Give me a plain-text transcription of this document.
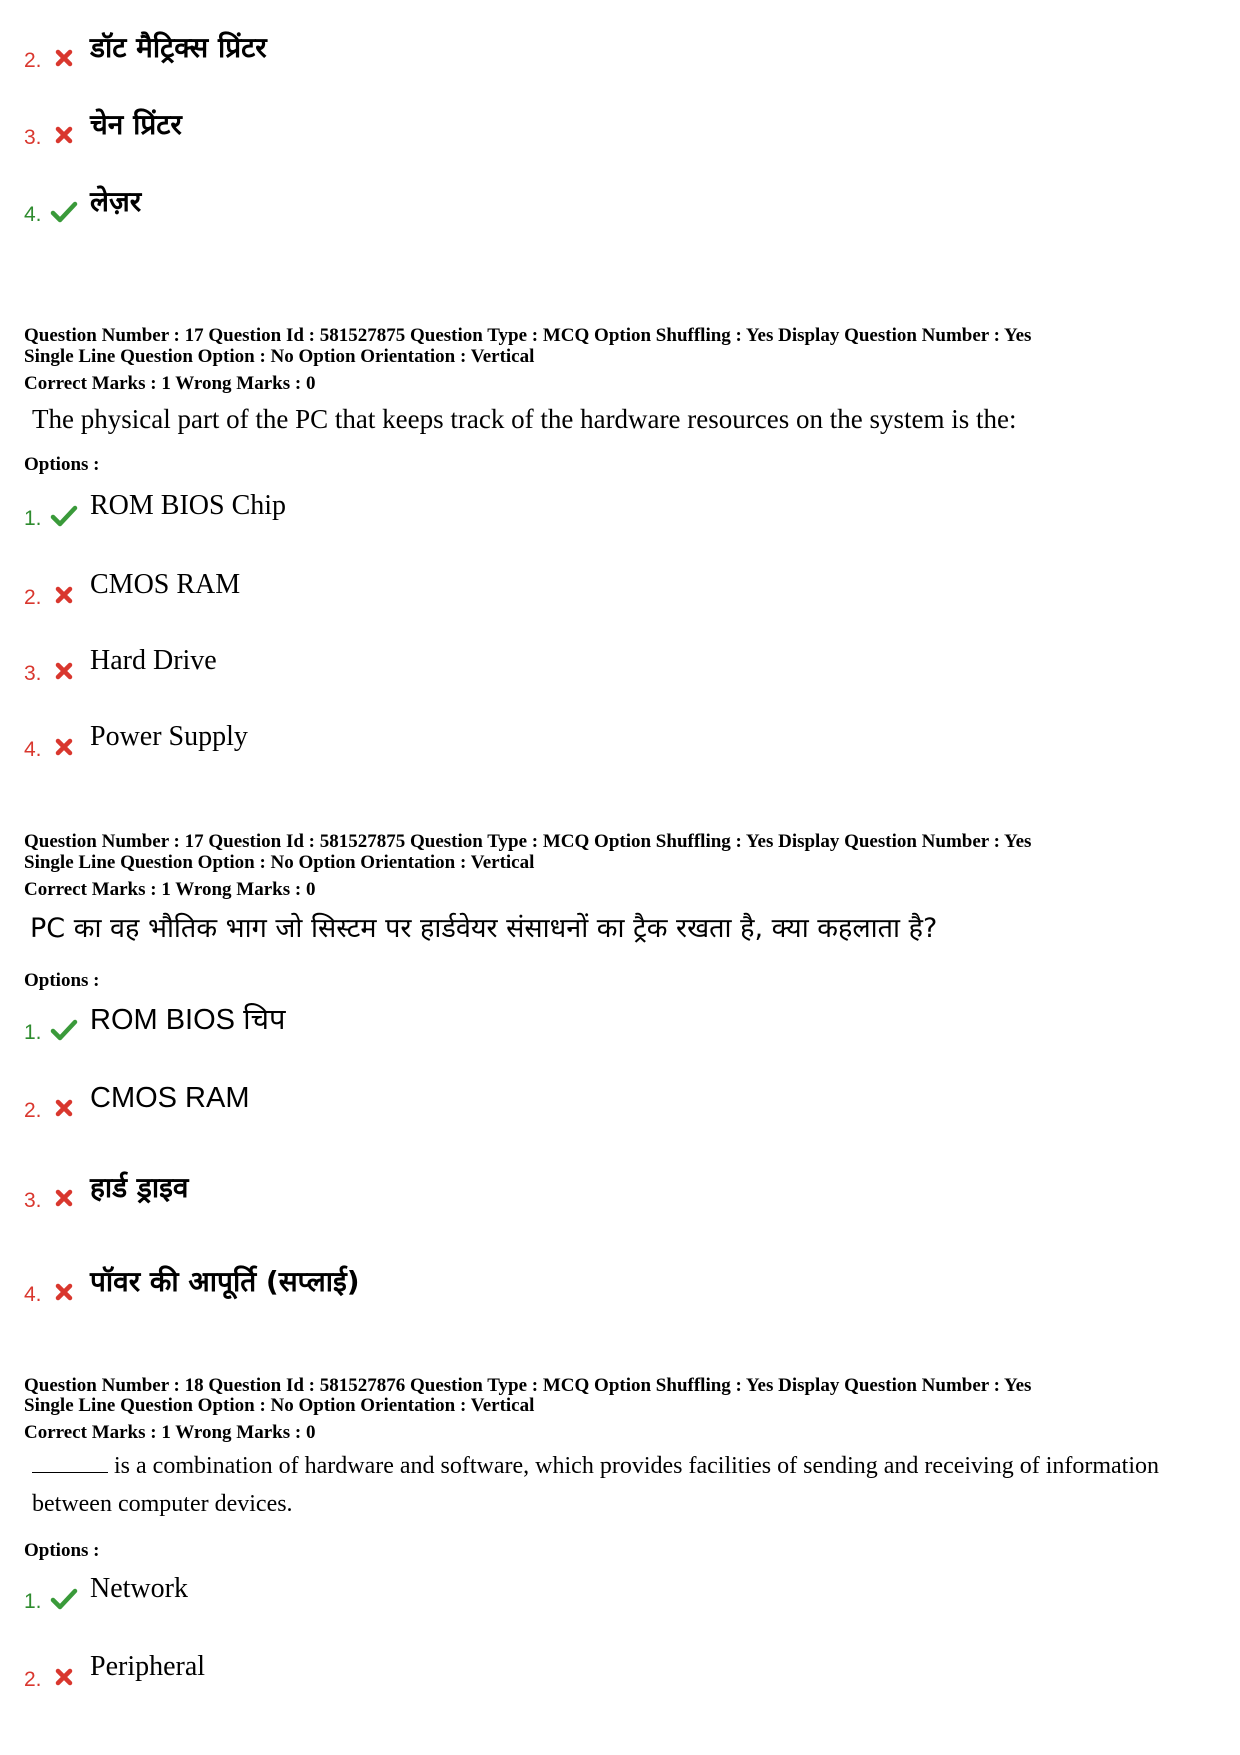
2. डॉट मैट्रिक्स प्रिंटर
3. चेन प्रिंटर
4. लेज़र
Question Number : 17 Question Id : 581527875 Question Type : MCQ Option Shuffling : Yes Display Question Number : Yes
Single Line Question Option : No Option Orientation : Vertical
Correct Marks : 1 Wrong Marks : 0
The physical part of the PC that keeps track of the hardware resources on the system is the:
Options :
1. ROM BIOS Chip
2. CMOS RAM
3. Hard Drive
4. Power Supply
Question Number : 17 Question Id : 581527875 Question Type : MCQ Option Shuffling : Yes Display Question Number : Yes
Single Line Question Option : No Option Orientation : Vertical
Correct Marks : 1 Wrong Marks : 0
PC का वह भौतिक भाग जो सिस्टम पर हार्डवेयर संसाधनों का ट्रैक रखता है, क्या कहलाता है?
Options :
1. ROM BIOS चिप
2. CMOS RAM
3. हार्ड ड्राइव
4. पॉवर की आपूर्ति (सप्लाई)
Question Number : 18 Question Id : 581527876 Question Type : MCQ Option Shuffling : Yes Display Question Number : Yes
Single Line Question Option : No Option Orientation : Vertical
Correct Marks : 1 Wrong Marks : 0
is a combination of hardware and software, which provides facilities of sending and receiving of information between computer devices.
Options :
1. Network
2. Peripheral
